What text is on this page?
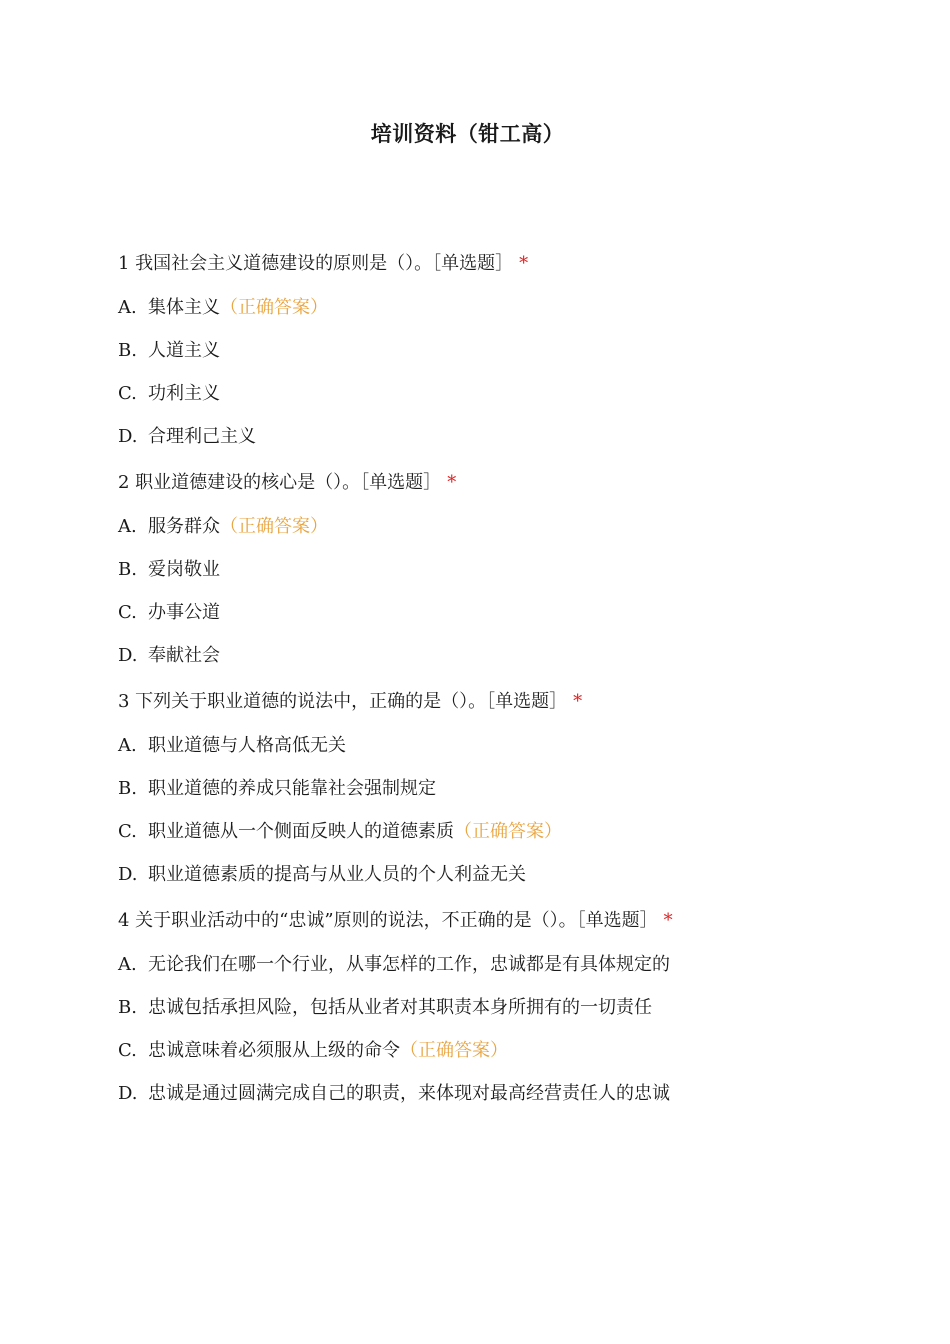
培训资料（钳工高）
1 我国社会主义道德建设的原则是（）。［单选题］ *
A. 集体主义（正确答案）
B. 人道主义
C. 功利主义
D. 合理利己主义
2 职业道德建设的核心是（）。［单选题］ *
A. 服务群众（正确答案）
B. 爱岗敬业
C. 办事公道
D. 奉献社会
3 下列关于职业道德的说法中，正确的是（）。［单选题］ *
A. 职业道德与人格高低无关
B. 职业道德的养成只能靠社会强制规定
C. 职业道德从一个侧面反映人的道德素质（正确答案）
D. 职业道德素质的提高与从业人员的个人利益无关
4 关于职业活动中的“忠诚”原则的说法，不正确的是（）。［单选题］ *
A. 无论我们在哪一个行业，从事怎样的工作，忠诚都是有具体规定的
B. 忠诚包括承担风险，包括从业者对其职责本身所拥有的一切责任
C. 忠诚意味着必须服从上级的命令（正确答案）
D. 忠诚是通过圆满完成自己的职责，来体现对最高经营责任人的忠诚
